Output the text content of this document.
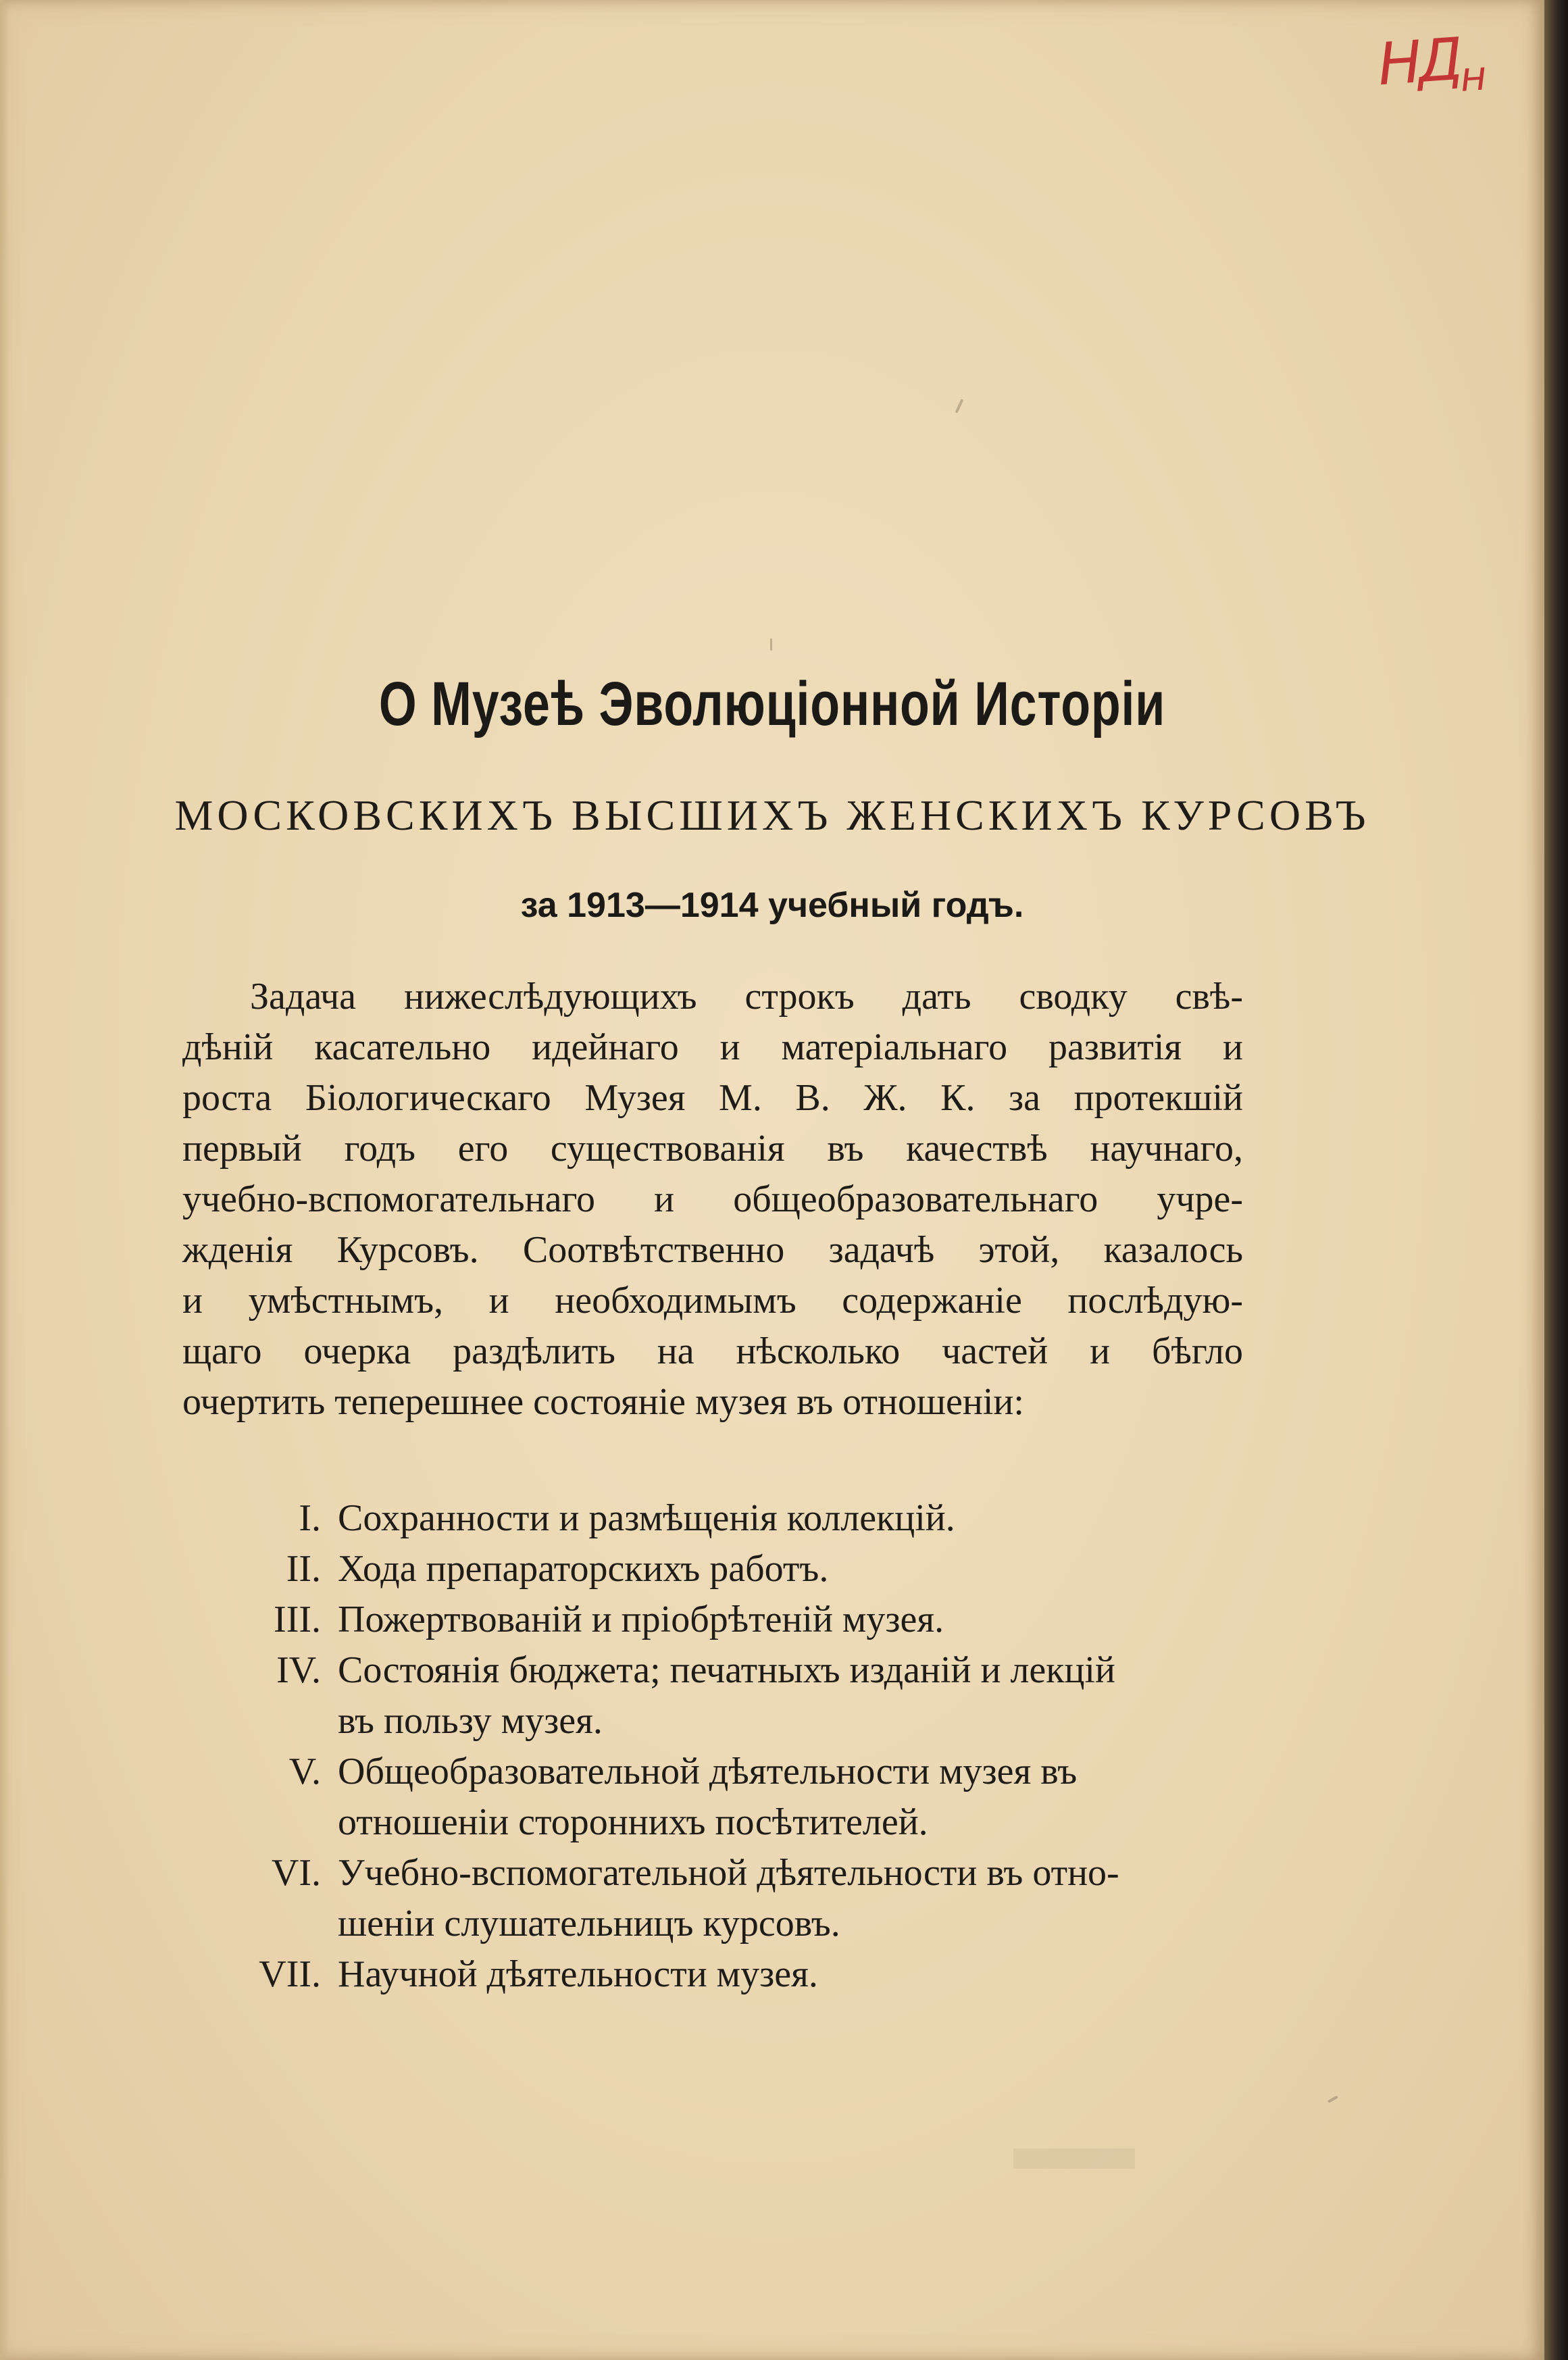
$НД_н$
О Музеѣ Эволюціонной Исторіи
МОСКОВСКИХЪ ВЫСШИХЪ ЖЕНСКИХЪ КУРСОВЪ
за 1913—1914 учебный годъ.
Задача нижеслѣдующихъ строкъ дать сводку свѣ-
дѣній касательно идейнаго и матеріальнаго развитія и
роста Біологическаго Музея М. В. Ж. К. за протекшій
первый годъ его существованія въ качествѣ научнаго,
учебно-вспомогательнаго и общеобразовательнаго учре-
жденія Курсовъ. Соотвѣтственно задачѣ этой, казалось
и умѣстнымъ, и необходимымъ содержаніе послѣдую-
щаго очерка раздѣлить на нѣсколько частей и бѣгло
очертить теперешнее состояніе музея въ отношеніи:
I. Сохранности и размѣщенія коллекцій.
II. Хода препараторскихъ работъ.
III. Пожертвованій и пріобрѣтеній музея.
IV. Состоянія бюджета; печатныхъ изданій и лекцій
въ пользу музея.
V. Общеобразовательной дѣятельности музея въ
отношеніи стороннихъ посѣтителей.
VI. Учебно-вспомогательной дѣятельности въ отно-
шеніи слушательницъ курсовъ.
VII. Научной дѣятельности музея.
